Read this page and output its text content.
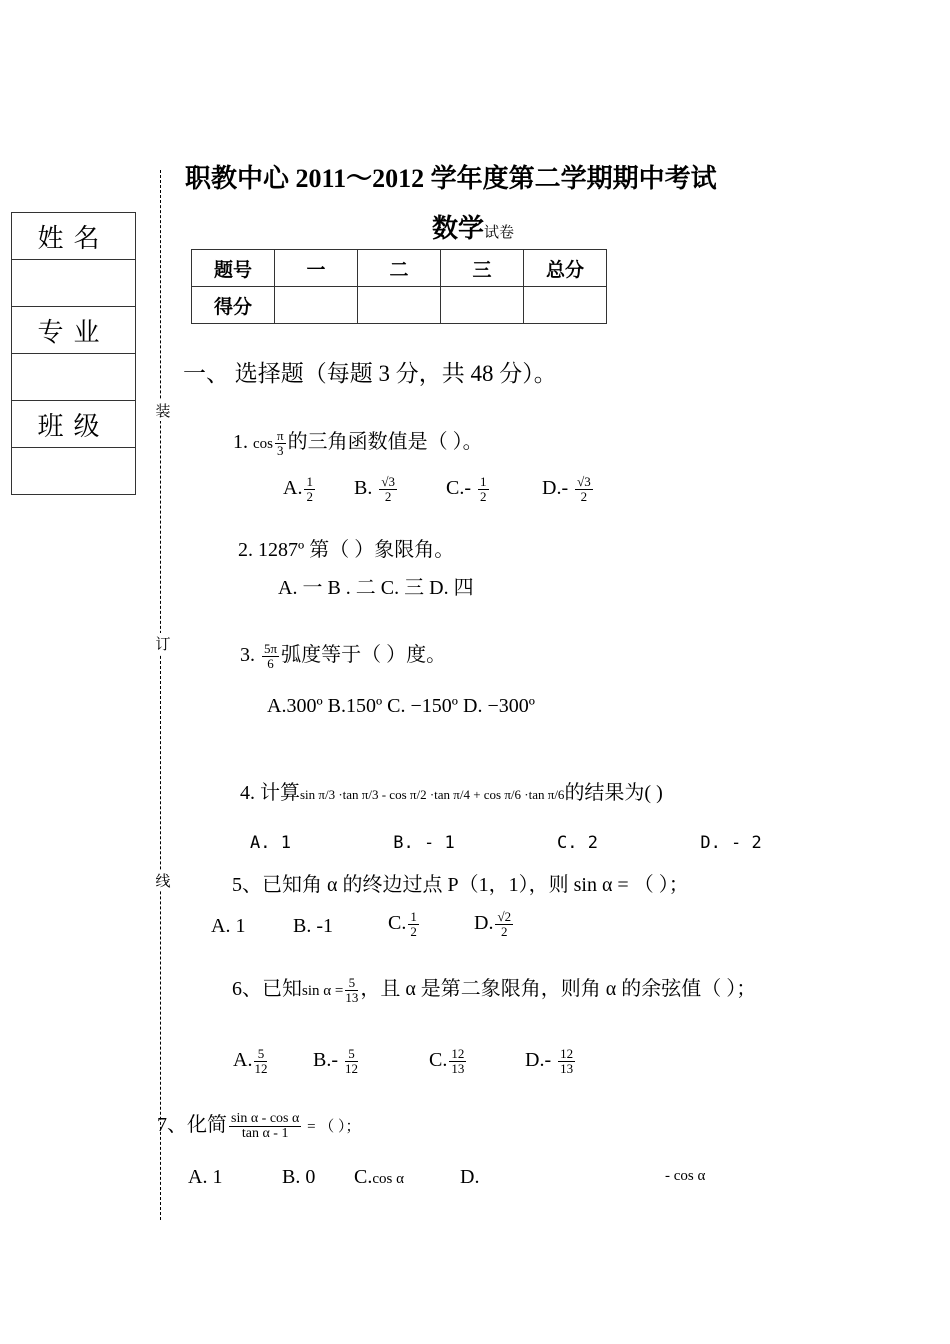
职教中心 2011～2012 学年度第二学期期中考试
数学试卷
题号	一	二	三	总分
得分				
姓名

专业

班级	装
订
线
一、 选择题（每题 3 分，共 48 分）。
1. $\cos \frac{\pi}{3}$ 的三角函数值是（ ）。
A. $\frac{1}{2} B$. $\frac{√3}{2} C.- \frac{1}{2}$	$D.- \frac{√3}{2}$
2. 1287º 第（ ）象限角。
A. 一 B . 二 C. 三 D. 四
3. $\frac{5\pi}{6}$ 弧度等于（ ）度。
A.300º B.150º C. −150º D. −300º
4. 计算sin π/3 ·tan π/3 - cos π/2 ·tan π/4 + cos π/6 ·tan π/6的结果为( )
A. 1          B. - 1          C. 2          D. - 2
5、已知角 α 的终边过点 P（1，1），则 sin α = （ ）；
A. 1 B. -1	C. $\frac{1}{2}$	D. $\frac{√2}{2}$
6、已知$\sin \alpha = \frac{5}{13}$ ，且 α 是第二象限角，则角 α 的余弦值（ ）；
A. $\frac{5}{12} B.- \frac{5}{12}$	C. $\frac{12}{13}$	$D.- \frac{12}{13}$
7、化简 $\frac{\text{sin α - cos α}}{\text{tan α - 1}}$ = （ ）；
A. 1	B. 0 C.cos α	D.	- cos α
